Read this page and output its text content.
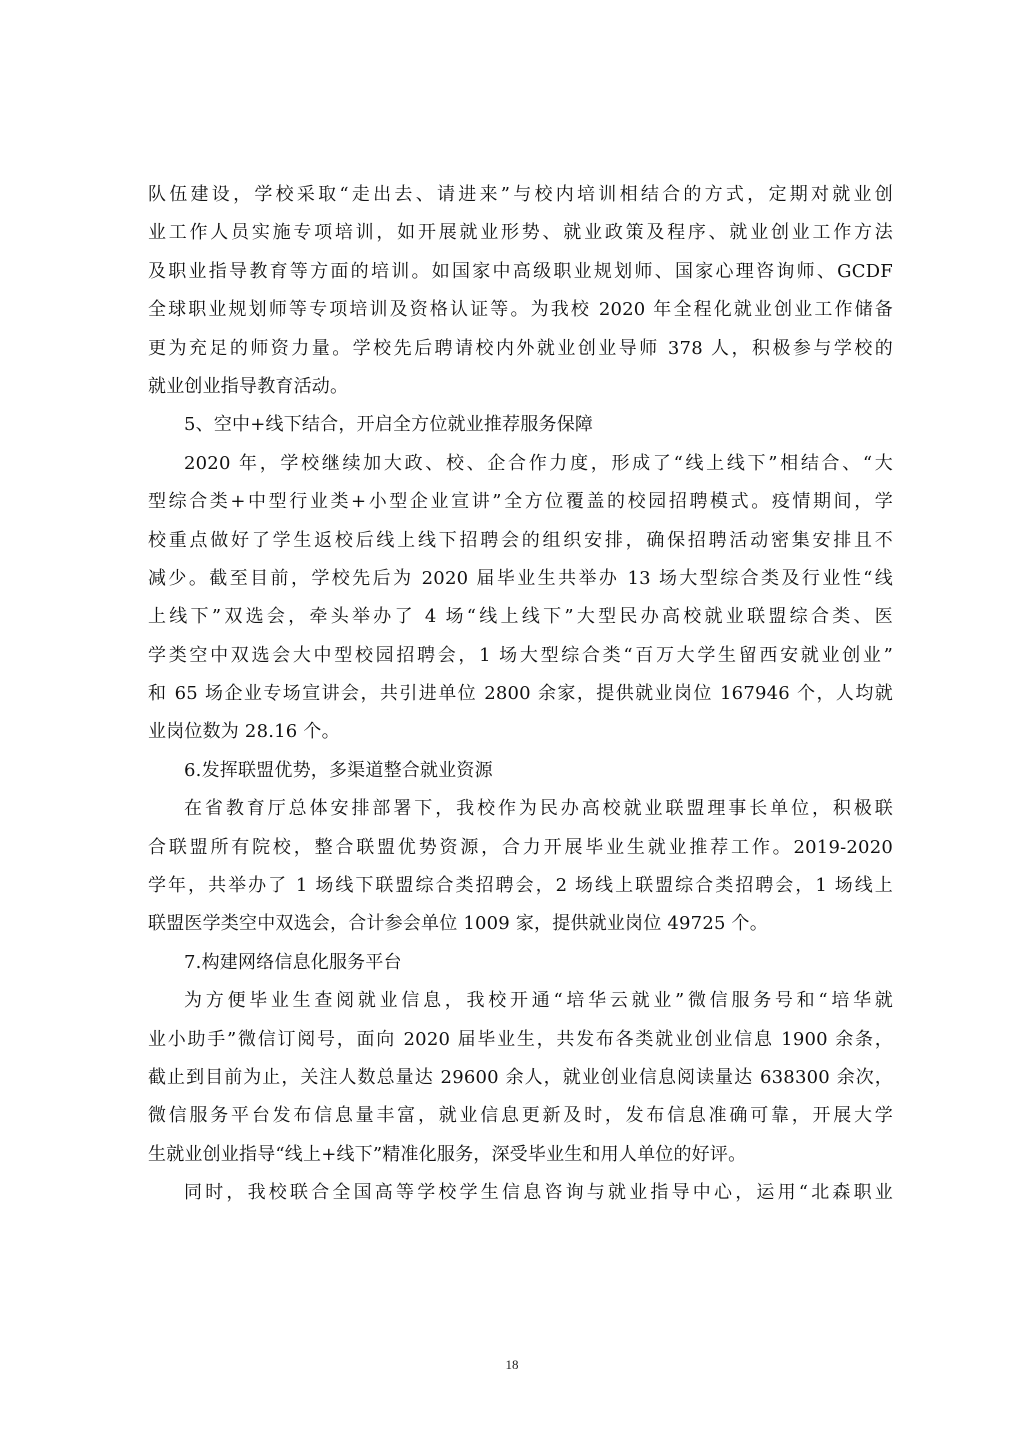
队伍建设，学校采取“走出去、请进来”与校内培训相结合的方式，定期对就业创
业工作人员实施专项培训，如开展就业形势、就业政策及程序、就业创业工作方法
及职业指导教育等方面的培训。如国家中高级职业规划师、国家心理咨询师、GCDF
全球职业规划师等专项培训及资格认证等。为我校 2020 年全程化就业创业工作储备
更为充足的师资力量。学校先后聘请校内外就业创业导师 378 人，积极参与学校的
就业创业指导教育活动。
5、空中+线下结合，开启全方位就业推荐服务保障
2020 年，学校继续加大政、校、企合作力度，形成了“线上线下”相结合、“大
型综合类+中型行业类+小型企业宣讲”全方位覆盖的校园招聘模式。疫情期间，学
校重点做好了学生返校后线上线下招聘会的组织安排，确保招聘活动密集安排且不
减少。截至目前，学校先后为 2020 届毕业生共举办 13 场大型综合类及行业性“线
上线下”双选会，牵头举办了 4 场“线上线下”大型民办高校就业联盟综合类、医
学类空中双选会大中型校园招聘会，1 场大型综合类“百万大学生留西安就业创业”
和 65 场企业专场宣讲会，共引进单位 2800 余家，提供就业岗位 167946 个，人均就
业岗位数为 28.16 个。
6.发挥联盟优势，多渠道整合就业资源
在省教育厅总体安排部署下，我校作为民办高校就业联盟理事长单位，积极联
合联盟所有院校，整合联盟优势资源，合力开展毕业生就业推荐工作。2019-2020
学年，共举办了 1 场线下联盟综合类招聘会，2 场线上联盟综合类招聘会，1 场线上
联盟医学类空中双选会，合计参会单位 1009 家，提供就业岗位 49725 个。
7.构建网络信息化服务平台
为方便毕业生查阅就业信息，我校开通“培华云就业”微信服务号和“培华就
业小助手”微信订阅号，面向 2020 届毕业生，共发布各类就业创业信息 1900 余条，
截止到目前为止，关注人数总量达 29600 余人，就业创业信息阅读量达 638300 余次，
微信服务平台发布信息量丰富，就业信息更新及时，发布信息准确可靠，开展大学
生就业创业指导“线上+线下”精准化服务，深受毕业生和用人单位的好评。
同时，我校联合全国高等学校学生信息咨询与就业指导中心，运用“北森职业
18
